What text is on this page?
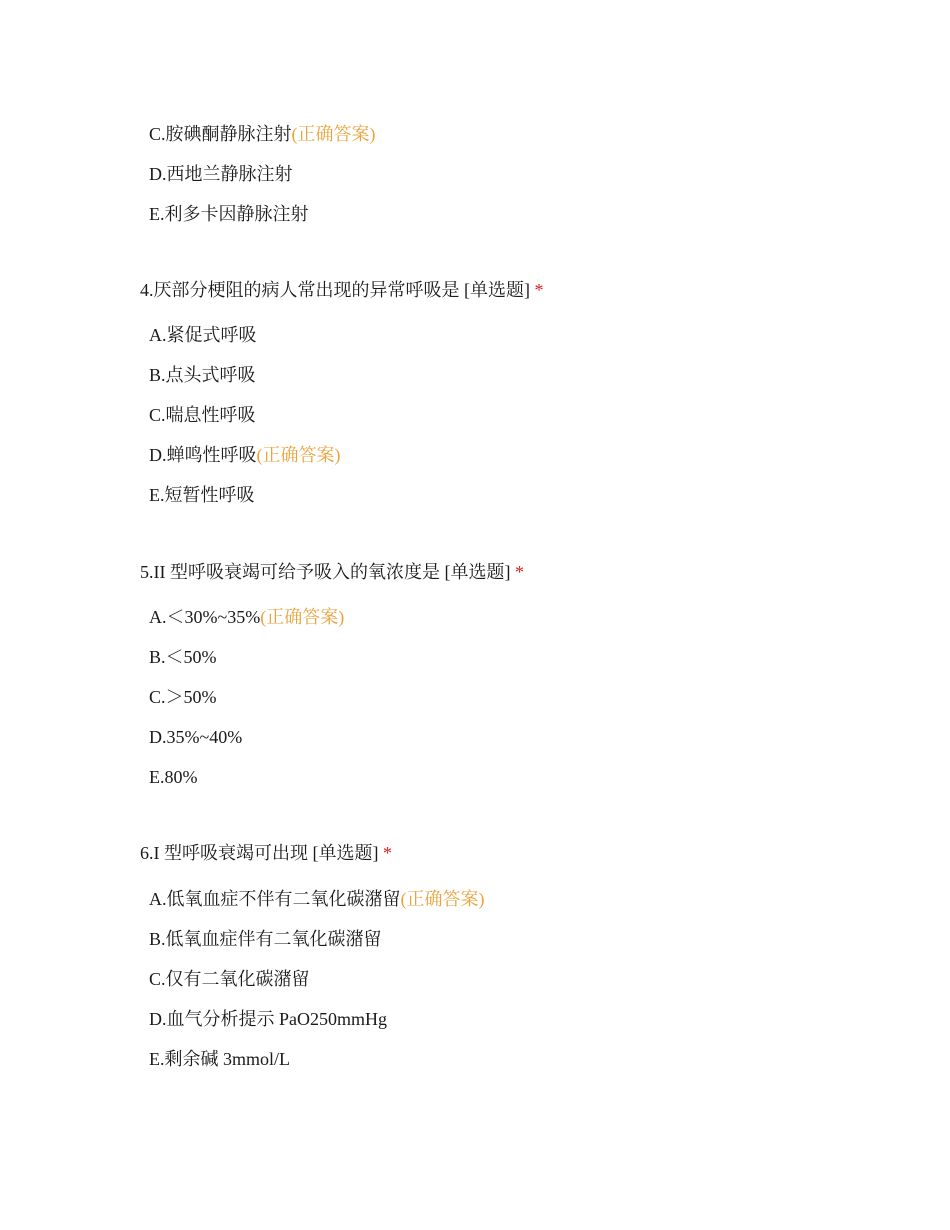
C.胺碘酮静脉注射(正确答案)
D.西地兰静脉注射
E.利多卡因静脉注射
4.厌部分梗阻的病人常出现的异常呼吸是 [单选题] *
A.紧促式呼吸
B.点头式呼吸
C.喘息性呼吸
D.蝉鸣性呼吸(正确答案)
E.短暂性呼吸
5.II 型呼吸衰竭可给予吸入的氧浓度是 [单选题] *
A.＜30%~35%(正确答案)
B.＜50%
C.＞50%
D.35%~40%
E.80%
6.I 型呼吸衰竭可出现 [单选题] *
A.低氧血症不伴有二氧化碳潴留(正确答案)
B.低氧血症伴有二氧化碳潴留
C.仅有二氧化碳潴留
D.血气分析提示 PaO250mmHg
E.剩余碱 3mmol/L
